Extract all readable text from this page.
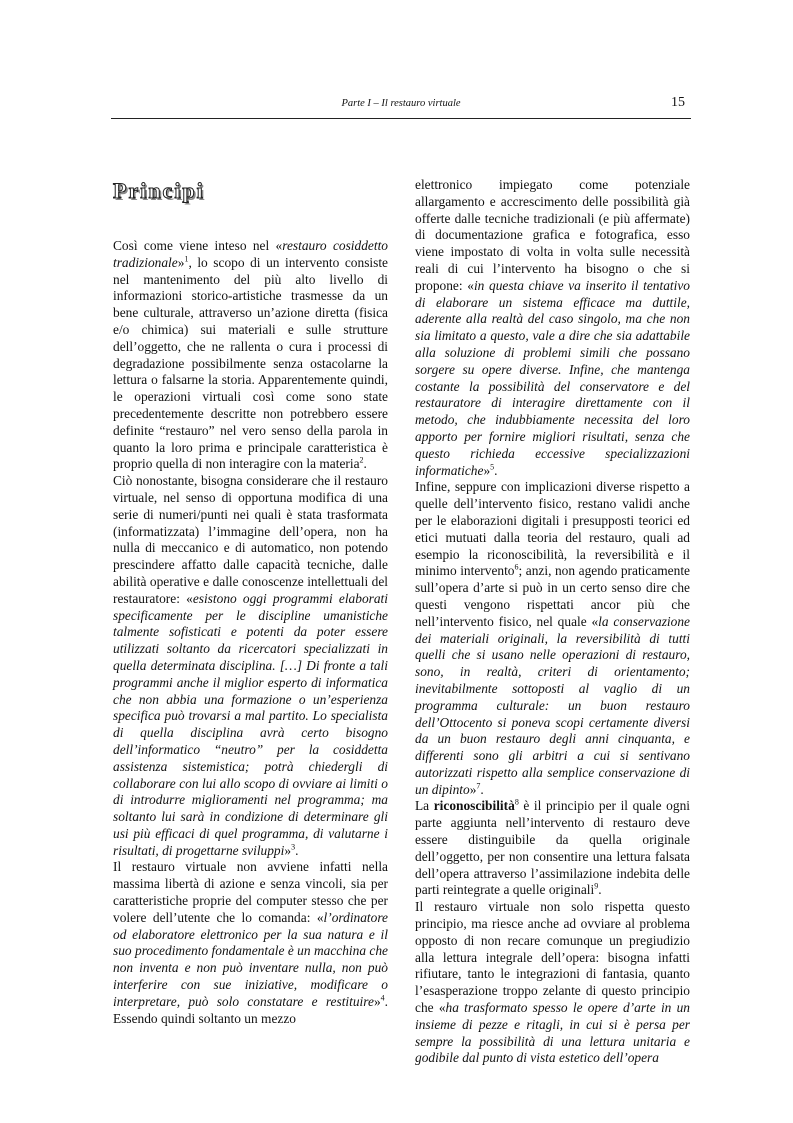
Parte I – Il restauro virtuale	15
Principi

Così come viene inteso nel «restauro cosiddetto tradizionale»$^1$, lo scopo di un intervento consiste nel mantenimento del più alto livello di informazioni storico-artistiche trasmesse da un bene culturale, attraverso un’azione diretta (fisica e/o chimica) sui materiali e sulle strutture dell’oggetto, che ne rallenta o cura i processi di degradazione possibilmente senza ostacolarne la lettura o falsarne la storia. Apparentemente quindi, le operazioni virtuali così come sono state precedentemente descritte non potrebbero essere definite “restauro” nel vero senso della parola in quanto la loro prima e principale caratteristica è proprio quella di non interagire con la materia$^2$.

Ciò nonostante, bisogna considerare che il restauro virtuale, nel senso di opportuna modifica di una serie di numeri/punti nei quali è stata trasformata (informatizzata) l’immagine dell’opera, non ha nulla di meccanico e di automatico, non potendo prescindere affatto dalle capacità tecniche, dalle abilità operative e dalle conoscenze intellettuali del restauratore: «esistono oggi programmi elaborati specificamente per le discipline umanistiche talmente sofisticati e potenti da poter essere utilizzati soltanto da ricercatori specializzati in quella determinata disciplina. […] Di fronte a tali programmi anche il miglior esperto di informatica che non abbia una formazione o un’esperienza specifica può trovarsi a mal partito. Lo specialista di quella disciplina avrà certo bisogno dell’informatico “neutro” per la cosiddetta assistenza sistemistica; potrà chiedergli di collaborare con lui allo scopo di ovviare ai limiti o di introdurre miglioramenti nel programma; ma soltanto lui sarà in condizione di determinare gli usi più efficaci di quel programma, di valutarne i risultati, di progettarne sviluppi»$^3$.

Il restauro virtuale non avviene infatti nella massima libertà di azione e senza vincoli, sia per caratteristiche proprie del computer stesso che per volere dell’utente che lo comanda: «l’ordinatore od elaboratore elettronico per la sua natura e il suo procedimento fondamentale è un macchina che non inventa e non può inventare nulla, non può interferire con sue iniziative, modificare o interpretare, può solo constatare e restituire»$^4$. Essendo quindi soltanto un mezzo

elettronico impiegato come potenziale allargamento e accrescimento delle possibilità già offerte dalle tecniche tradizionali (e più affermate) di documentazione grafica e fotografica, esso viene impostato di volta in volta sulle necessità reali di cui l’intervento ha bisogno o che si propone: «in questa chiave va inserito il tentativo di elaborare un sistema efficace ma duttile, aderente alla realtà del caso singolo, ma che non sia limitato a questo, vale a dire che sia adattabile alla soluzione di problemi simili che possano sorgere su opere diverse. Infine, che mantenga costante la possibilità del conservatore e del restauratore di interagire direttamente con il metodo, che indubbiamente necessita del loro apporto per fornire migliori risultati, senza che questo richieda eccessive specializzazioni informatiche»$^5$.

Infine, seppure con implicazioni diverse rispetto a quelle dell’intervento fisico, restano validi anche per le elaborazioni digitali i presupposti teorici ed etici mutuati dalla teoria del restauro, quali ad esempio la riconoscibilità, la reversibilità e il minimo intervento$^6$; anzi, non agendo praticamente sull’opera d’arte si può in un certo senso dire che questi vengono rispettati ancor più che nell’intervento fisico, nel quale «la conservazione dei materiali originali, la reversibilità di tutti quelli che si usano nelle operazioni di restauro, sono, in realtà, criteri di orientamento; inevitabilmente sottoposti al vaglio di un programma culturale: un buon restauro dell’Ottocento si poneva scopi certamente diversi da un buon restauro degli anni cinquanta, e differenti sono gli arbitri a cui si sentivano autorizzati rispetto alla semplice conservazione di un dipinto»$^7$.

La riconoscibilità$^8$ è il principio per il quale ogni parte aggiunta nell’intervento di restauro deve essere distinguibile da quella originale dell’oggetto, per non consentire una lettura falsata dell’opera attraverso l’assimilazione indebita delle parti reintegrate a quelle originali$^9$.

Il restauro virtuale non solo rispetta questo principio, ma riesce anche ad ovviare al problema opposto di non recare comunque un pregiudizio alla lettura integrale dell’opera: bisogna infatti rifiutare, tanto le integrazioni di fantasia, quanto l’esasperazione troppo zelante di questo principio che «ha trasformato spesso le opere d’arte in un insieme di pezze e ritagli, in cui si è persa per sempre la possibilità di una lettura unitaria e godibile dal punto di vista estetico dell’opera
